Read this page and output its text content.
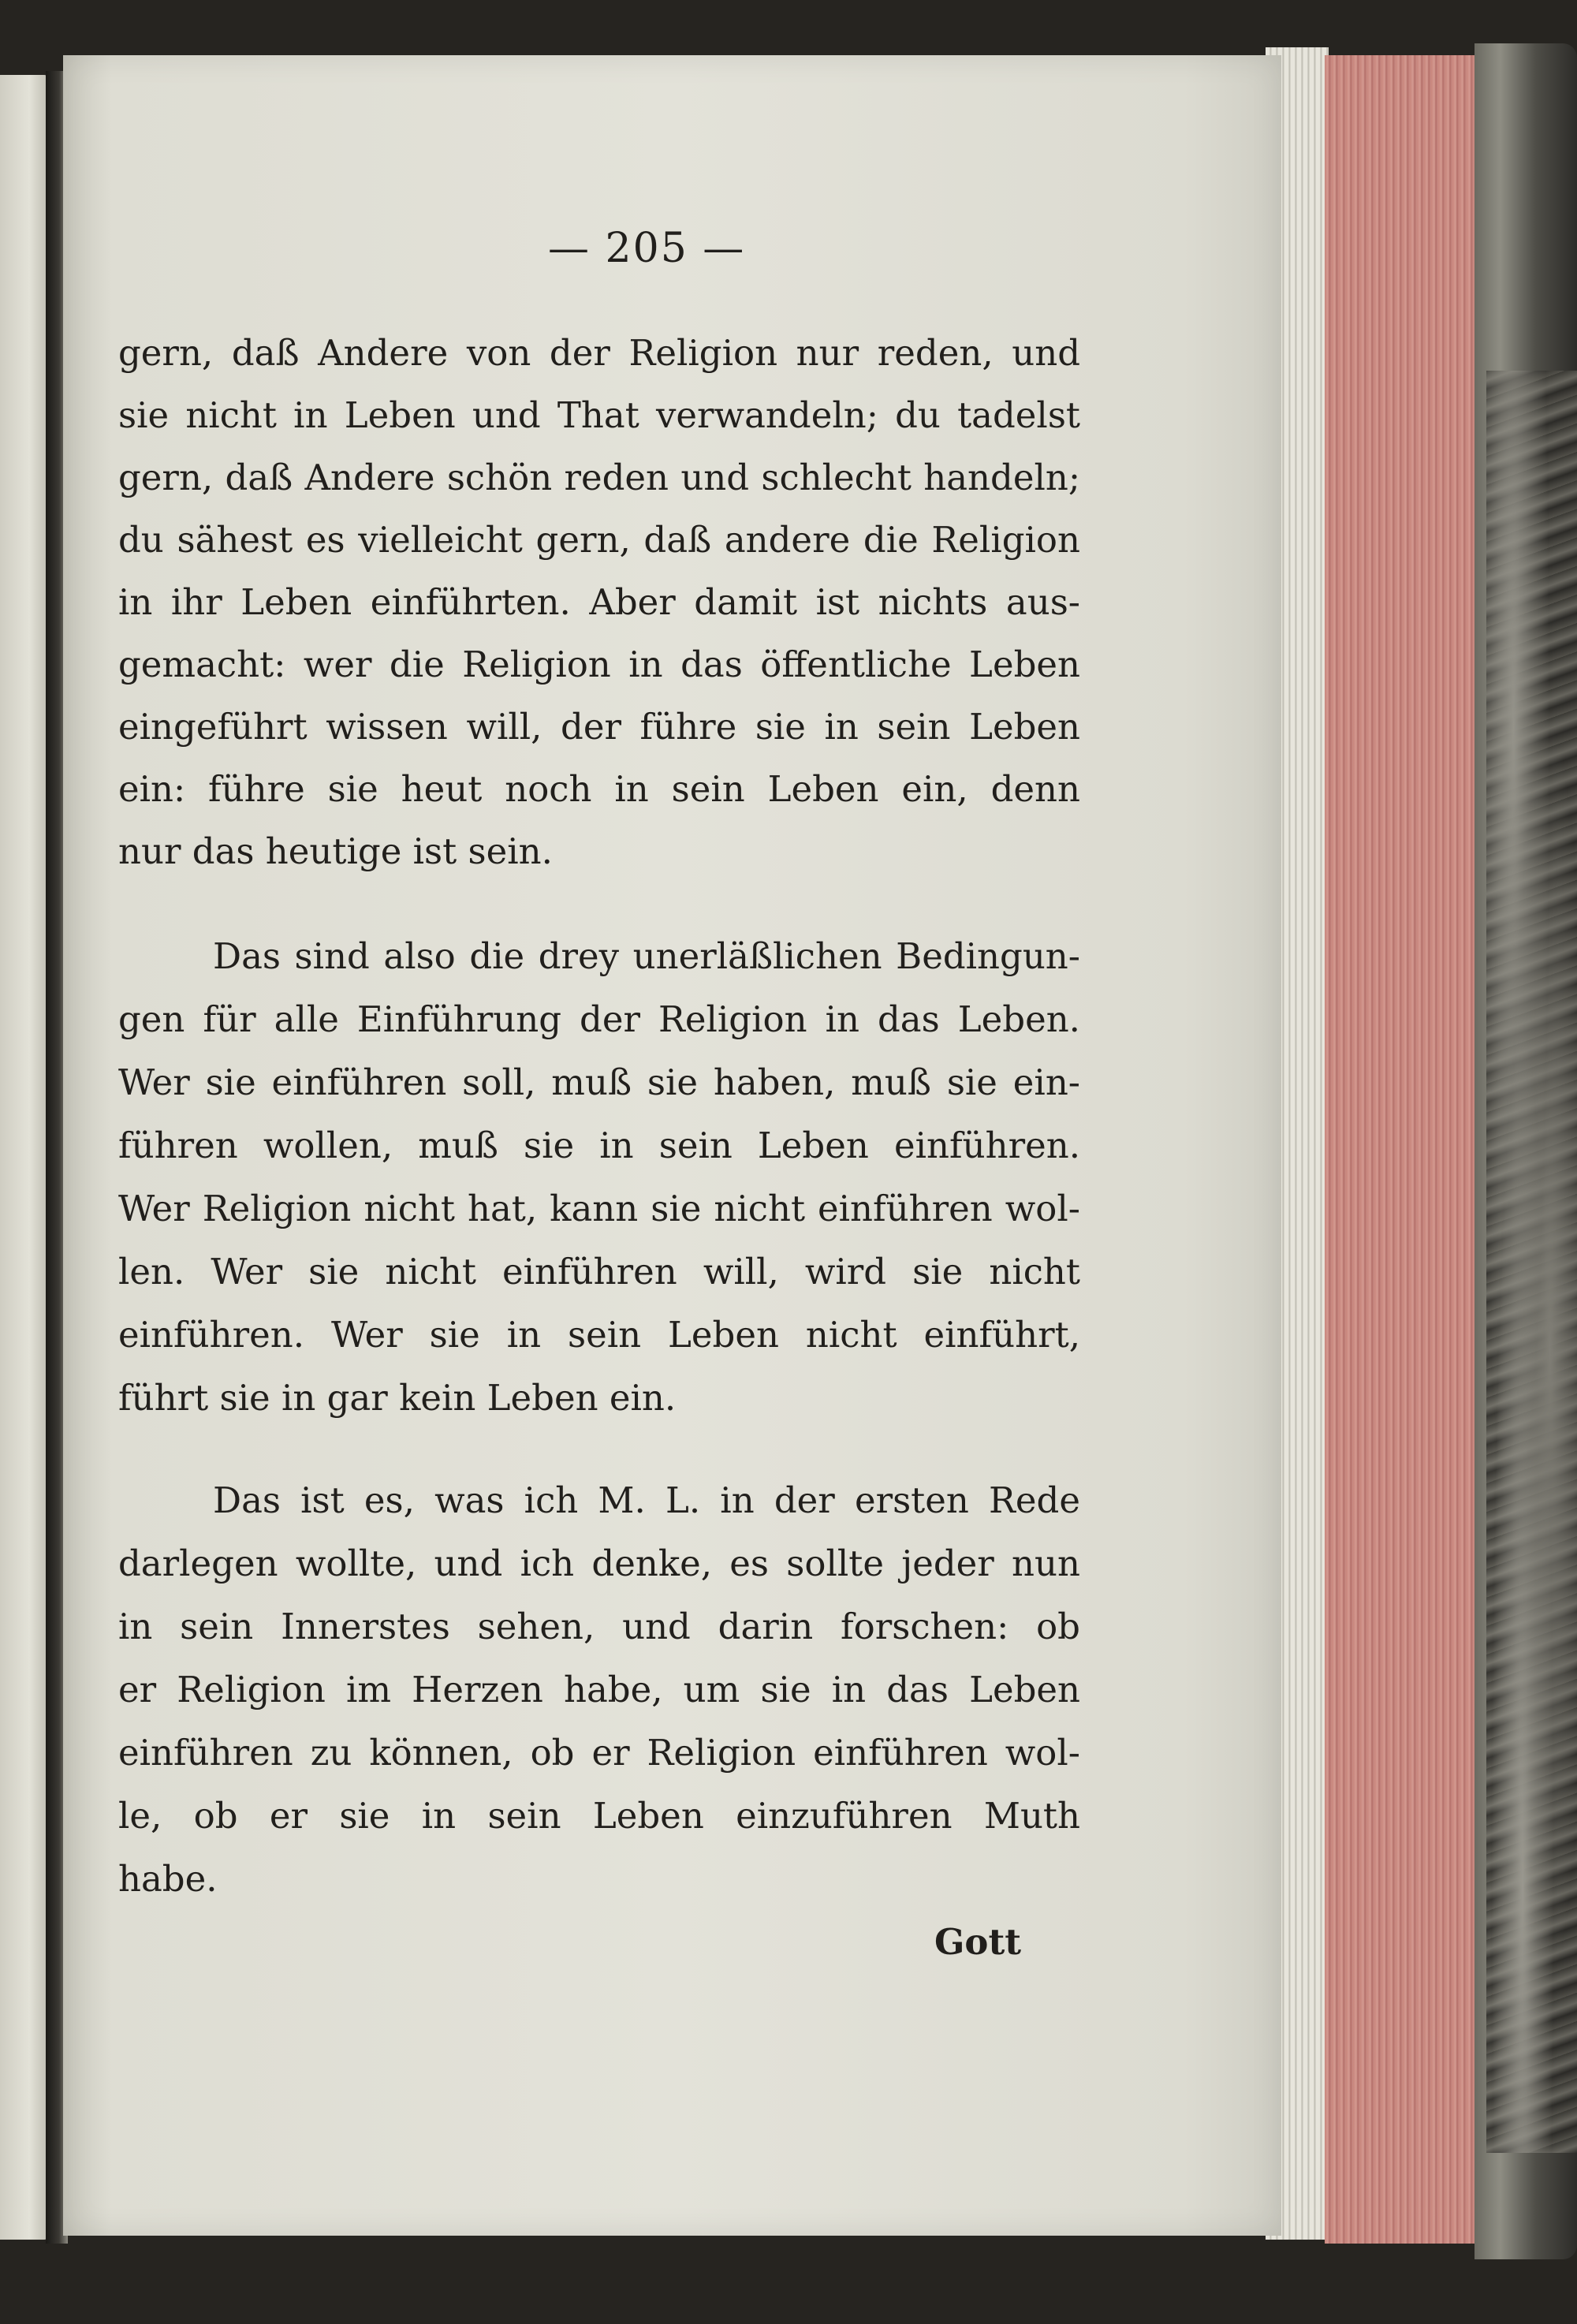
— 205 —
gern, daß Andere von der Religion nur reden, und
sie nicht in Leben und That verwandeln; du tadelst
gern, daß Andere schön reden und schlecht handeln;
du sähest es vielleicht gern, daß andere die Religion
in ihr Leben einführten. Aber damit ist nichts aus-
gemacht: wer die Religion in das öffentliche Leben
eingeführt wissen will, der führe sie in sein Leben
ein: führe sie heut noch in sein Leben ein, denn
nur das heutige ist sein.
Das sind also die drey unerläßlichen Bedingun-
gen für alle Einführung der Religion in das Leben.
Wer sie einführen soll, muß sie haben, muß sie ein-
führen wollen, muß sie in sein Leben einführen.
Wer Religion nicht hat, kann sie nicht einführen wol-
len. Wer sie nicht einführen will, wird sie nicht
einführen. Wer sie in sein Leben nicht einführt,
führt sie in gar kein Leben ein.
Das ist es, was ich M. L. in der ersten Rede
darlegen wollte, und ich denke, es sollte jeder nun
in sein Innerstes sehen, und darin forschen: ob
er Religion im Herzen habe, um sie in das Leben
einführen zu können, ob er Religion einführen wol-
le, ob er sie in sein Leben einzuführen Muth
habe.
Gott
